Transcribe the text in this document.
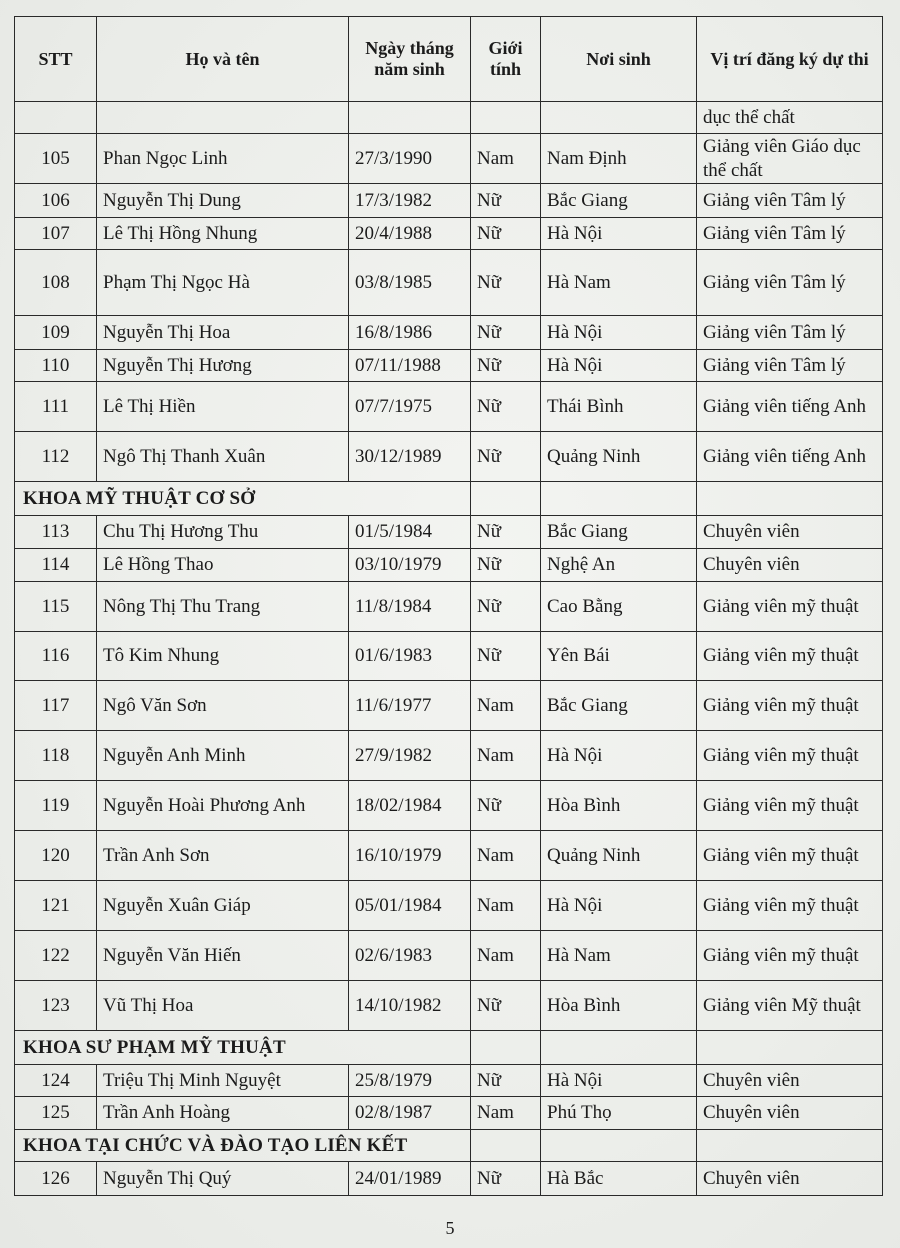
STT	Họ và tên	Ngày tháng năm sinh	Giới tính	Nơi sinh	Vị trí đăng ký dự thi
					dục thể chất
105	Phan Ngọc Linh	27/3/1990	Nam	Nam Định	Giảng viên Giáo dục thể chất
106	Nguyễn Thị Dung	17/3/1982	Nữ	Bắc Giang	Giảng viên Tâm lý
107	Lê Thị Hồng Nhung	20/4/1988	Nữ	Hà Nội	Giảng viên Tâm lý
108	Phạm Thị Ngọc Hà	03/8/1985	Nữ	Hà Nam	Giảng viên Tâm lý
109	Nguyễn Thị Hoa	16/8/1986	Nữ	Hà Nội	Giảng viên Tâm lý
110	Nguyễn Thị Hương	07/11/1988	Nữ	Hà Nội	Giảng viên Tâm lý
111	Lê Thị Hiền	07/7/1975	Nữ	Thái Bình	Giảng viên tiếng Anh
112	Ngô Thị Thanh Xuân	30/12/1989	Nữ	Quảng Ninh	Giảng viên tiếng Anh
KHOA MỸ THUẬT CƠ SỞ					
113	Chu Thị Hương Thu	01/5/1984	Nữ	Bắc Giang	Chuyên viên
114	Lê Hồng Thao	03/10/1979	Nữ	Nghệ An	Chuyên viên
115	Nông Thị Thu Trang	11/8/1984	Nữ	Cao Bằng	Giảng viên mỹ thuật
116	Tô Kim Nhung	01/6/1983	Nữ	Yên Bái	Giảng viên mỹ thuật
117	Ngô Văn Sơn	11/6/1977	Nam	Bắc Giang	Giảng viên mỹ thuật
118	Nguyễn Anh Minh	27/9/1982	Nam	Hà Nội	Giảng viên mỹ thuật
119	Nguyễn Hoài Phương Anh	18/02/1984	Nữ	Hòa Bình	Giảng viên mỹ thuật
120	Trần Anh Sơn	16/10/1979	Nam	Quảng Ninh	Giảng viên mỹ thuật
121	Nguyễn Xuân Giáp	05/01/1984	Nam	Hà Nội	Giảng viên mỹ thuật
122	Nguyễn Văn Hiến	02/6/1983	Nam	Hà Nam	Giảng viên mỹ thuật
123	Vũ Thị Hoa	14/10/1982	Nữ	Hòa Bình	Giảng viên Mỹ thuật
KHOA SƯ PHẠM MỸ THUẬT					
124	Triệu Thị Minh Nguyệt	25/8/1979	Nữ	Hà Nội	Chuyên viên
125	Trần Anh Hoàng	02/8/1987	Nam	Phú Thọ	Chuyên viên
KHOA TẠI CHỨC VÀ ĐÀO TẠO LIÊN KẾT					
126	Nguyễn Thị Quý	24/01/1989	Nữ	Hà Bắc	Chuyên viên
5
